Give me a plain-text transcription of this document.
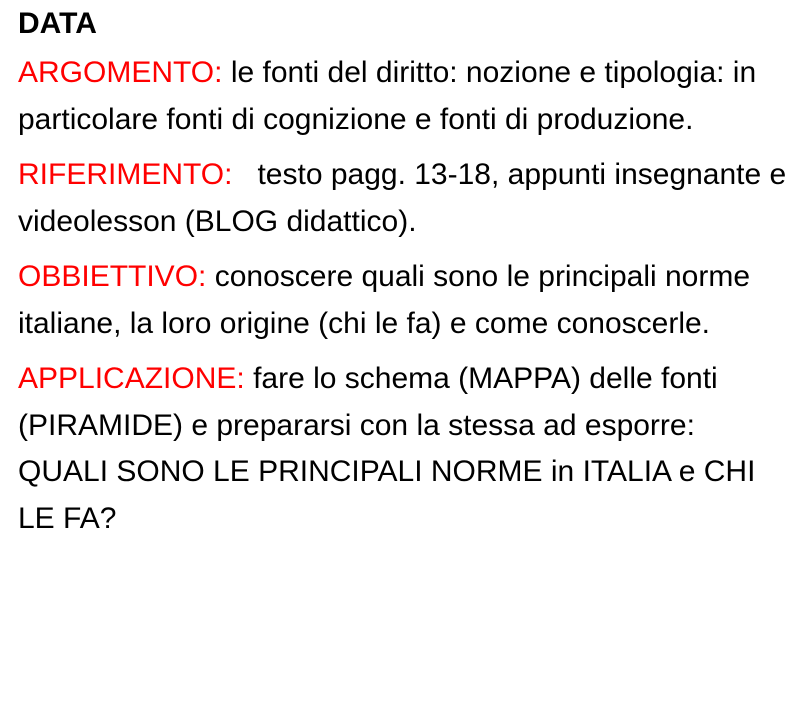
DATA

ARGOMENTO: le fonti del diritto: nozione e tipologia: in particolare fonti di cognizione e fonti di produzione.

RIFERIMENTO: testo pagg. 13-18, appunti insegnante e videolesson (BLOG didattico).

OBBIETTIVO: conoscere quali sono le principali norme italiane, la loro origine (chi le fa) e come conoscerle.

APPLICAZIONE: fare lo schema (MAPPA) delle fonti (PIRAMIDE) e prepararsi con la stessa ad esporre: QUALI SONO LE PRINCIPALI NORME in ITALIA e CHI LE FA?
